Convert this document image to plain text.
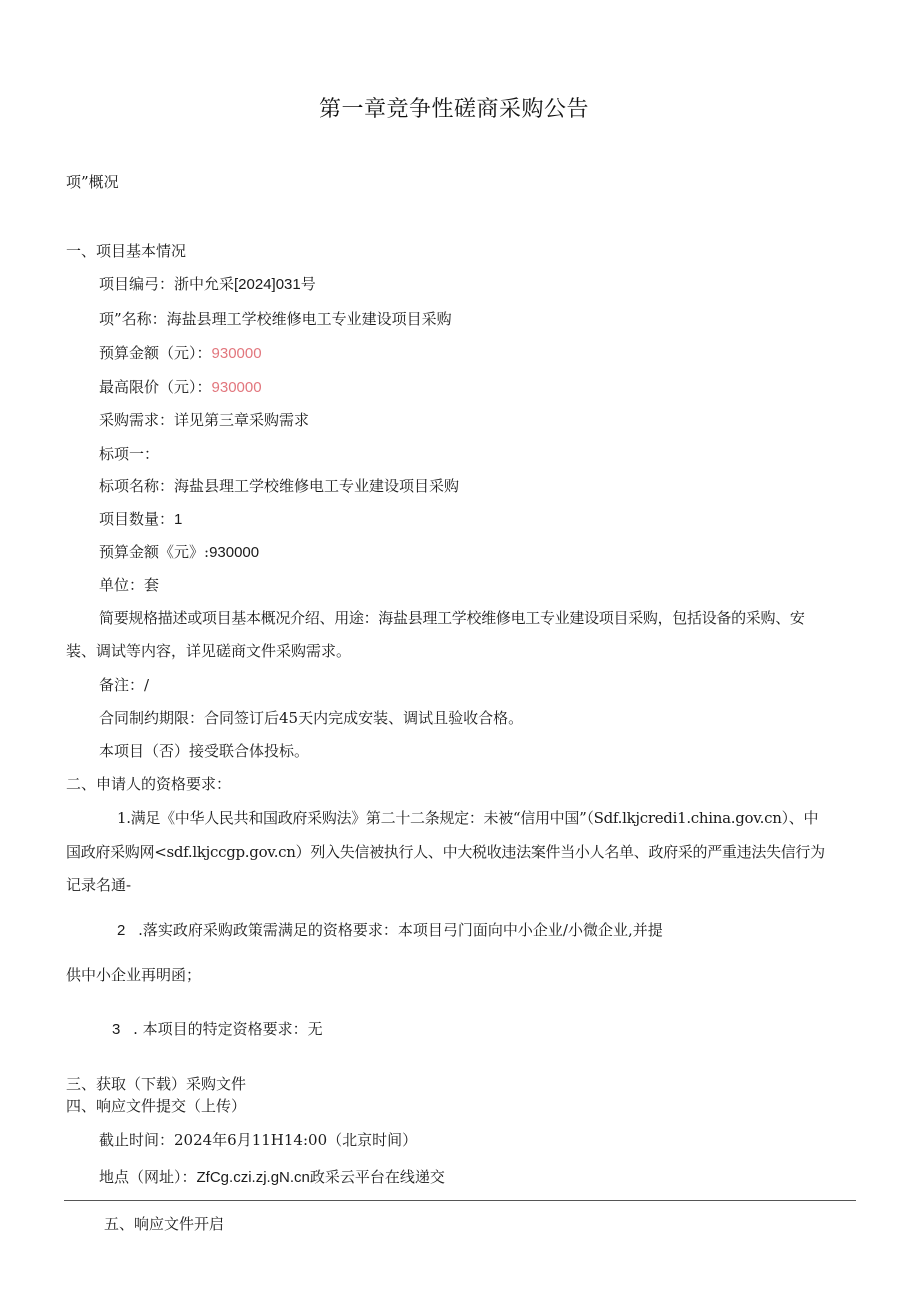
第一章竞争性磋商采购公告
项”概况
一、项目基本情况
项目编弓：浙中允采[2024]031号
项”名称：海盐县理工学校维修电工专业建设项目采购
预算金额（元）：930000
最高限价（元）：930000
采购需求：详见第三章采购需求
标项一：
标项名称：海盐县理工学校维修电工专业建设项目采购
项目数量：1
预算金额《元》:930000
单位：套
简要规格描述或项目基本概况介绍、用途：海盐县理工学校维修电工专业建设项目采购，包括设备的采购、安
装、调试等内容，详见磋商文件采购需求。
备注：/
合同制约期限：合同签订后45天内完成安装、调试且验收合格。
本项目（否）接受联合体投标。
二、申请人的资格要求：
1.满足《中华人民共和国政府采购法》第二十二条规定：未被“信用中国”（Sdf.lkjcredi1.china.gov.cn）、中
国政府采购网<sdf.lkjccgp.gov.cn）列入失信被执行人、中大税收违法案件当小人名单、政府采的严重违法失信行为
记录名通-
2 .落实政府采购政策需满足的资格要求：本项目弓门面向中小企业/小微企业,并提
供中小企业再明函；
3 . 本项目的特定资格要求：无
三、获取（下载）采购文件
四、响应文件提交（上传）
截止时间：2024年6月11H14:00（北京时间）
地点（网址）：ZfCg.czi.zj.gN.cn政采云平台在线递交
五、响应文件开启
